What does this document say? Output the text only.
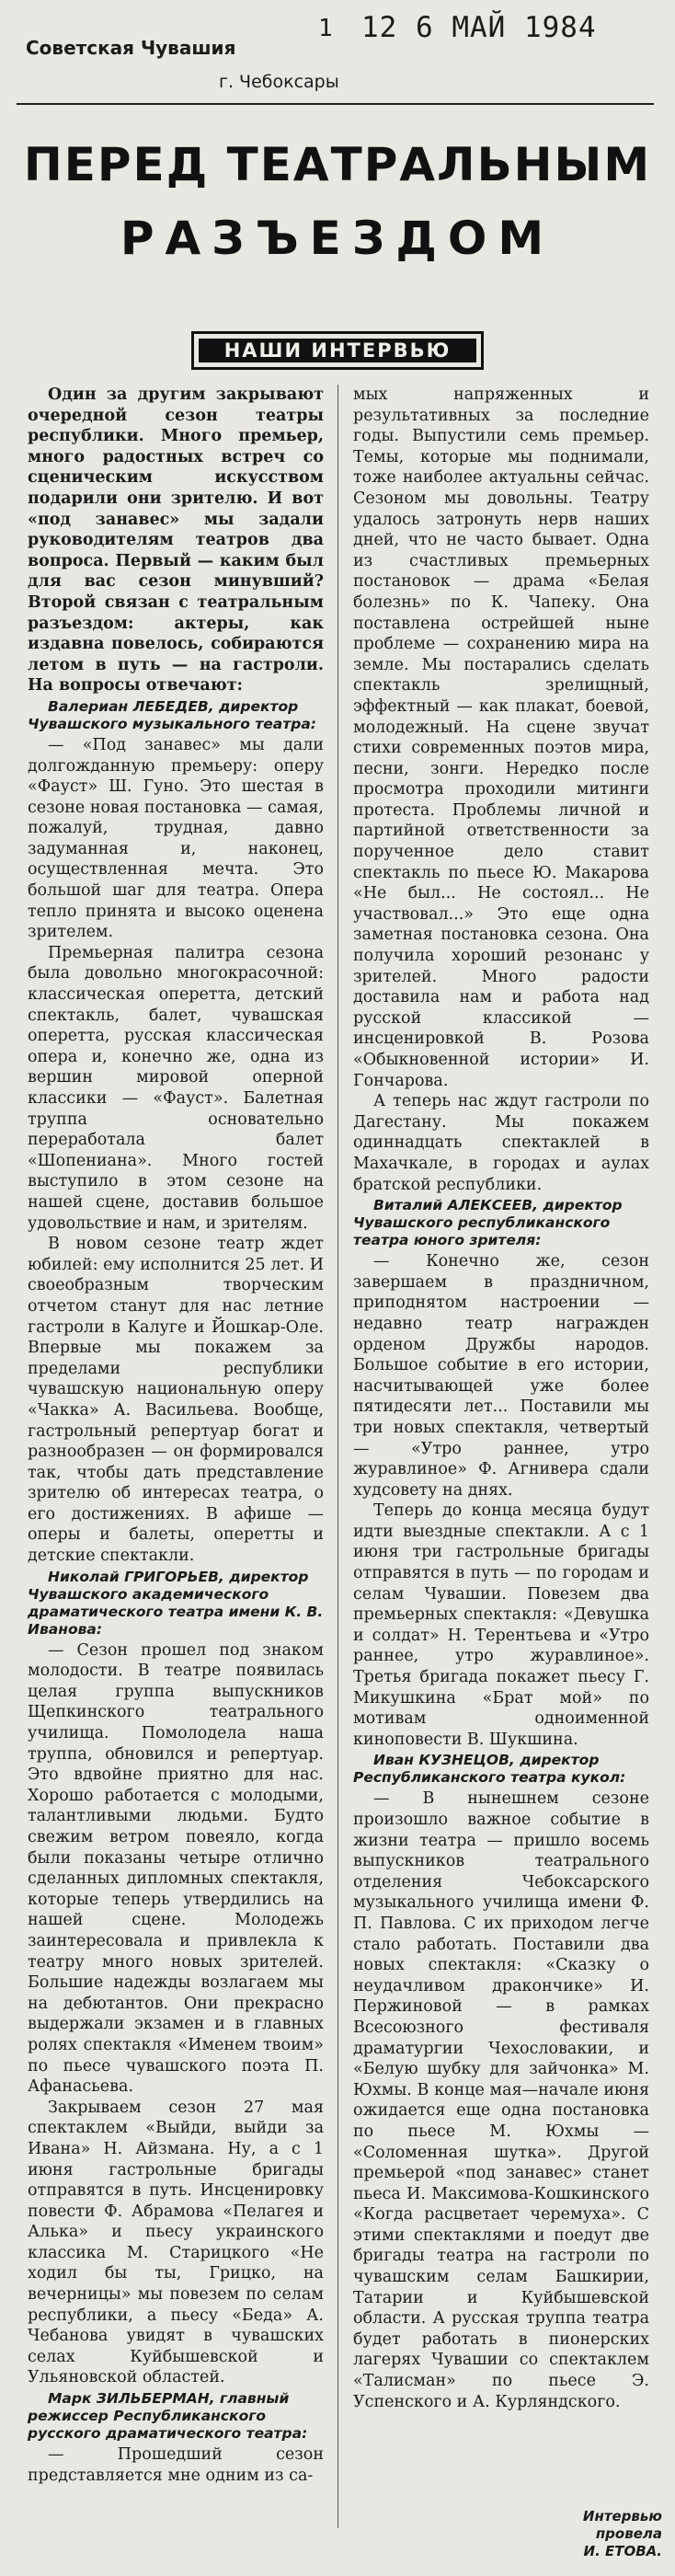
Советская Чувашия
г. Чебоксары
1 12 6 МАЙ 1984
ПЕРЕД ТЕАТРАЛЬНЫМ
РАЗЪЕЗДОМ
НАШИ ИНТЕРВЬЮ

Один за другим закрывают очередной сезон театры республики. Много премьер, много радостных встреч со сценическим искусством подарили они зрителю. И вот «под занавес» мы задали руководителям театров два вопроса. Первый — каким был для вас сезон минувший? Второй связан с театральным разъездом: актеры, как издавна повелось, собираются летом в путь — на гастроли. На вопросы отвечают:

Валериан ЛЕБЕДЕВ, директор Чувашского музыкального театра:

— «Под занавес» мы дали долгожданную премьеру: оперу «Фауст» Ш. Гуно. Это шестая в сезоне новая постановка — самая, пожалуй, трудная, давно задуманная и, наконец, осуществленная мечта. Это большой шаг для театра. Опера тепло принята и высоко оценена зрителем.

Премьерная палитра сезона была довольно многокрасочной: классическая оперетта, детский спектакль, балет, чувашская оперетта, русская классическая опера и, конечно же, одна из вершин мировой оперной классики — «Фауст». Балетная труппа основательно переработала балет «Шопениана». Много гостей выступило в этом сезоне на нашей сцене, доставив большое удовольствие и нам, и зрителям.

В новом сезоне театр ждет юбилей: ему исполнится 25 лет. И своеобразным творческим отчетом станут для нас летние гастроли в Калуге и Йошкар-Оле. Впервые мы покажем за пределами республики чувашскую национальную оперу «Чакка» А. Васильева. Вообще, гастрольный репертуар богат и разнообразен — он формировался так, чтобы дать представление зрителю об интересах театра, о его достижениях. В афише — оперы и балеты, оперетты и детские спектакли.

Николай ГРИГОРЬЕВ, директор Чувашского академического драматического театра имени К. В. Иванова:

— Сезон прошел под знаком молодости. В театре появилась целая группа выпускников Щепкинского театрального училища. Помолодела наша труппа, обновился и репертуар. Это вдвойне приятно для нас. Хорошо работается с молодыми, талантливыми людьми. Будто свежим ветром повеяло, когда были показаны четыре отлично сделанных дипломных спектакля, которые теперь утвердились на нашей сцене. Молодежь заинтересовала и привлекла к театру много новых зрителей. Большие надежды возлагаем мы на дебютантов. Они прекрасно выдержали экзамен и в главных ролях спектакля «Именем твоим» по пьесе чувашского поэта П. Афанасьева.

Закрываем сезон 27 мая спектаклем «Выйди, выйди за Ивана» Н. Айзмана. Ну, а с 1 июня гастрольные бригады отправятся в путь. Инсценировку повести Ф. Абрамова «Пелагея и Алька» и пьесу украинского классика М. Старицкого «Не ходил бы ты, Грицко, на вечерницы» мы повезем по селам республики, а пьесу «Беда» А. Чебанова увидят в чувашских селах Куйбышевской и Ульяновской областей.

Марк ЗИЛЬБЕРМАН, главный режиссер Республиканского русского драматического театра:

— Прошедший сезон представляется мне одним из са-

мых напряженных и результативных за последние годы. Выпустили семь премьер. Темы, которые мы поднимали, тоже наиболее актуальны сейчас. Сезоном мы довольны. Театру удалось затронуть нерв наших дней, что не часто бывает. Одна из счастливых премьерных постановок — драма «Белая болезнь» по К. Чапеку. Она поставлена острейшей ныне проблеме — сохранению мира на земле. Мы постарались сделать спектакль зрелищный, эффектный — как плакат, боевой, молодежный. На сцене звучат стихи современных поэтов мира, песни, зонги. Нередко после просмотра проходили митинги протеста. Проблемы личной и партийной ответственности за порученное дело ставит спектакль по пьесе Ю. Макарова «Не был... Не состоял... Не участвовал...» Это еще одна заметная постановка сезона. Она получила хороший резонанс у зрителей. Много радости доставила нам и работа над русской классикой — инсценировкой В. Розова «Обыкновенной истории» И. Гончарова.

А теперь нас ждут гастроли по Дагестану. Мы покажем одиннадцать спектаклей в Махачкале, в городах и аулах братской республики.

Виталий АЛЕКСЕЕВ, директор Чувашского республиканского театра юного зрителя:

— Конечно же, сезон завершаем в праздничном, приподнятом настроении — недавно театр награжден орденом Дружбы народов. Большое событие в его истории, насчитывающей уже более пятидесяти лет... Поставили мы три новых спектакля, четвертый — «Утро раннее, утро журавлиное» Ф. Агнивера сдали худсовету на днях.

Теперь до конца месяца будут идти выездные спектакли. А с 1 июня три гастрольные бригады отправятся в путь — по городам и селам Чувашии. Повезем два премьерных спектакля: «Девушка и солдат» Н. Терентьева и «Утро раннее, утро журавлиное». Третья бригада покажет пьесу Г. Микушкина «Брат мой» по мотивам одноименной киноповести В. Шукшина.

Иван КУЗНЕЦОВ, директор Республиканского театра кукол:

— В нынешнем сезоне произошло важное событие в жизни театра — пришло восемь выпускников театрального отделения Чебоксарского музыкального училища имени Ф. П. Павлова. С их приходом легче стало работать. Поставили два новых спектакля: «Сказку о неудачливом дракончике» И. Пержиновой — в рамках Всесоюзного фестиваля драматургии Чехословакии, и «Белую шубку для зайчонка» М. Юхмы. В конце мая—начале июня ожидается еще одна постановка по пьесе М. Юхмы — «Соломенная шутка». Другой премьерой «под занавес» станет пьеса И. Максимова-Кошкинского «Когда расцветает черемуха». С этими спектаклями и поедут две бригады театра на гастроли по чувашским селам Башкирии, Татарии и Куйбышевской области. А русская труппа театра будет работать в пионерских лагерях Чувашии со спектаклем «Талисман» по пьесе Э. Успенского и А. Курляндского.

Интервью провела
И. ЕТОВА.
